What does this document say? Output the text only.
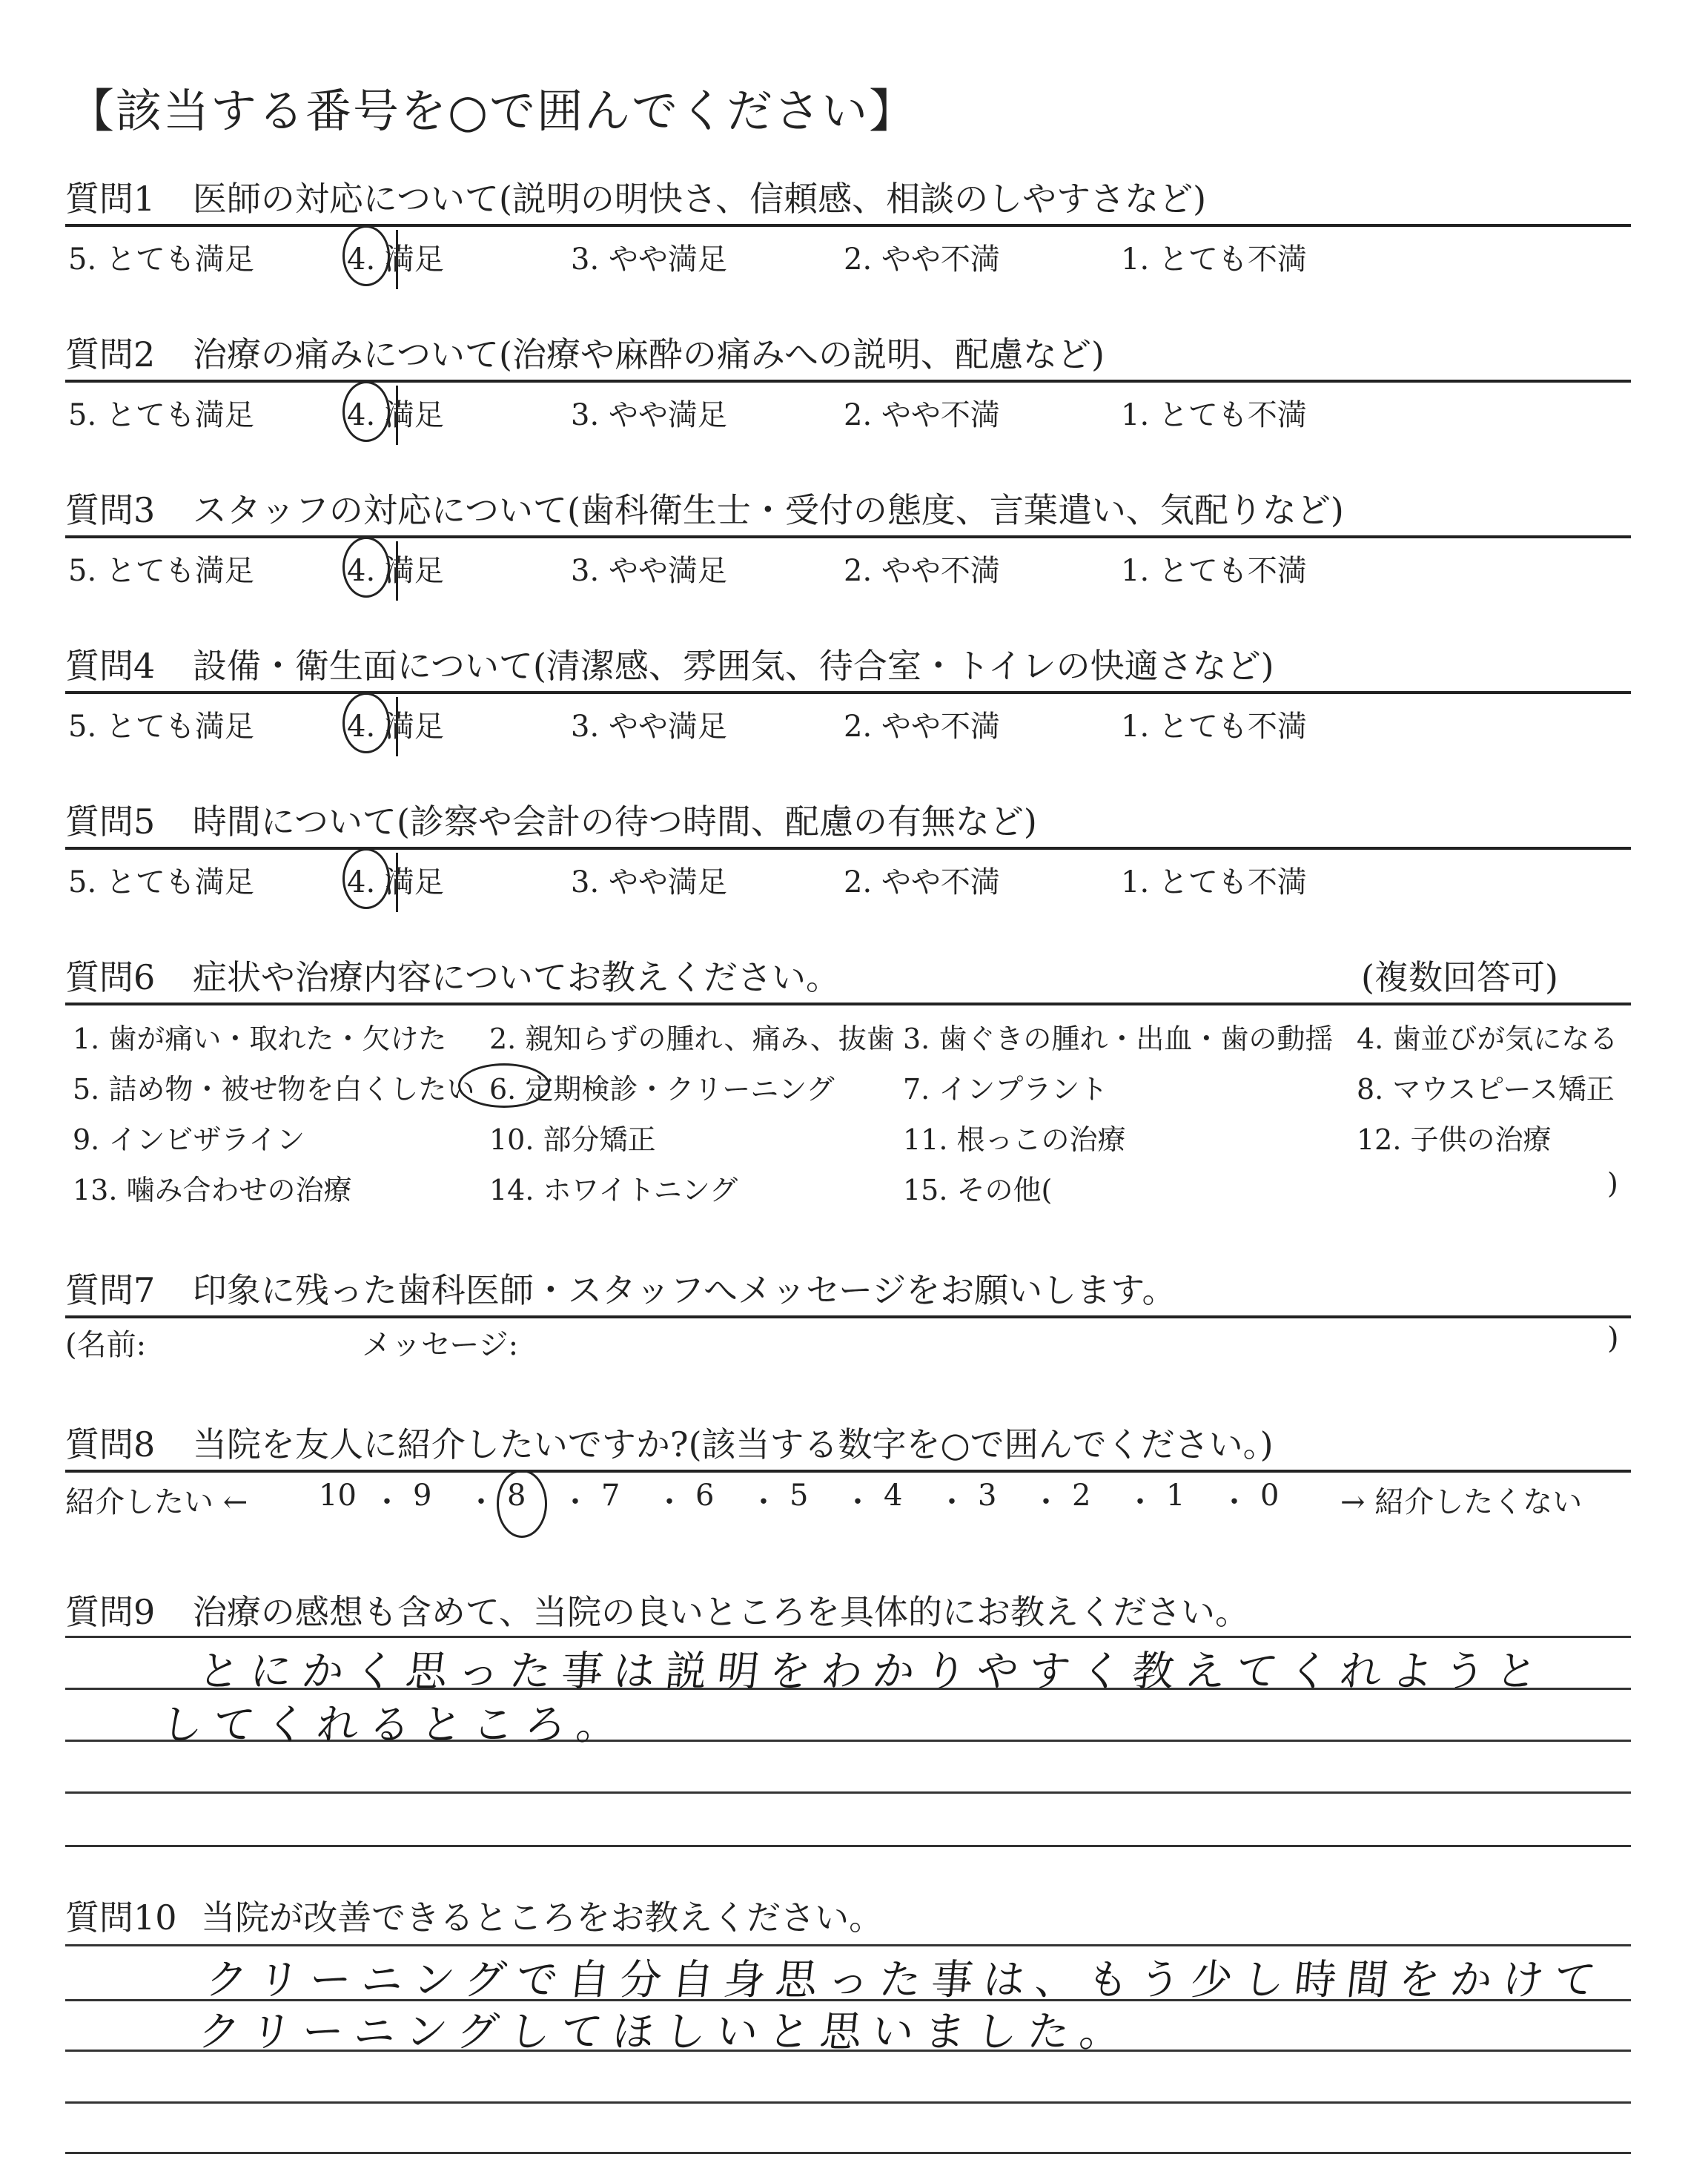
【該当する番号を○で囲んでください】
質問1 医師の対応について(説明の明快さ、信頼感、相談のしやすさなど)
5. とても満足	4. 満足	3. やや満足	2. やや不満	1. とても不満
質問2 治療の痛みについて(治療や麻酔の痛みへの説明、配慮など)
5. とても満足	4. 満足	3. やや満足	2. やや不満	1. とても不満
質問3 スタッフの対応について(歯科衛生士・受付の態度、言葉遣い、気配りなど)
5. とても満足	4. 満足	3. やや満足	2. やや不満	1. とても不満
質問4 設備・衛生面について(清潔感、雰囲気、待合室・トイレの快適さなど)
5. とても満足	4. 満足	3. やや満足	2. やや不満	1. とても不満
質問5 時間について(診察や会計の待つ時間、配慮の有無など)
5. とても満足	4. 満足	3. やや満足	2. やや不満	1. とても不満
質問6 症状や治療内容についてお教えください。	(複数回答可)
1. 歯が痛い・取れた・欠けた 2. 親知らずの腫れ、痛み、抜歯 3. 歯ぐきの腫れ・出血・歯の動揺 4. 歯並びが気になる
5. 詰め物・被せ物を白くしたい 6. 定期検診・クリーニング 7. インプラント	8. マウスピース矯正
9. インビザライン	10. 部分矯正	11. 根っこの治療	12. 子供の治療
13. 噛み合わせの治療	14. ホワイトニング	15. その他(	)
質問7 印象に残った歯科医師・スタッフへメッセージをお願いします。
(名前:	メッセージ:	)
質問8 当院を友人に紹介したいですか?(該当する数字を○で囲んでください。)
紹介したい ← 10 ・ 9 ・ 8 ・ 7 ・ 6 ・ 5 ・ 4 ・ 3 ・ 2 ・ 1 ・ 0 → 紹介したくない
質問9 治療の感想も含めて、当院の良いところを具体的にお教えください。
とにかく思った事は説明をわかりやすく教えてくれようと
してくれるところ。
質問10 当院が改善できるところをお教えください。
クリーニングで自分自身思った事は、もう少し時間をかけて
クリーニングしてほしいと思いました。
